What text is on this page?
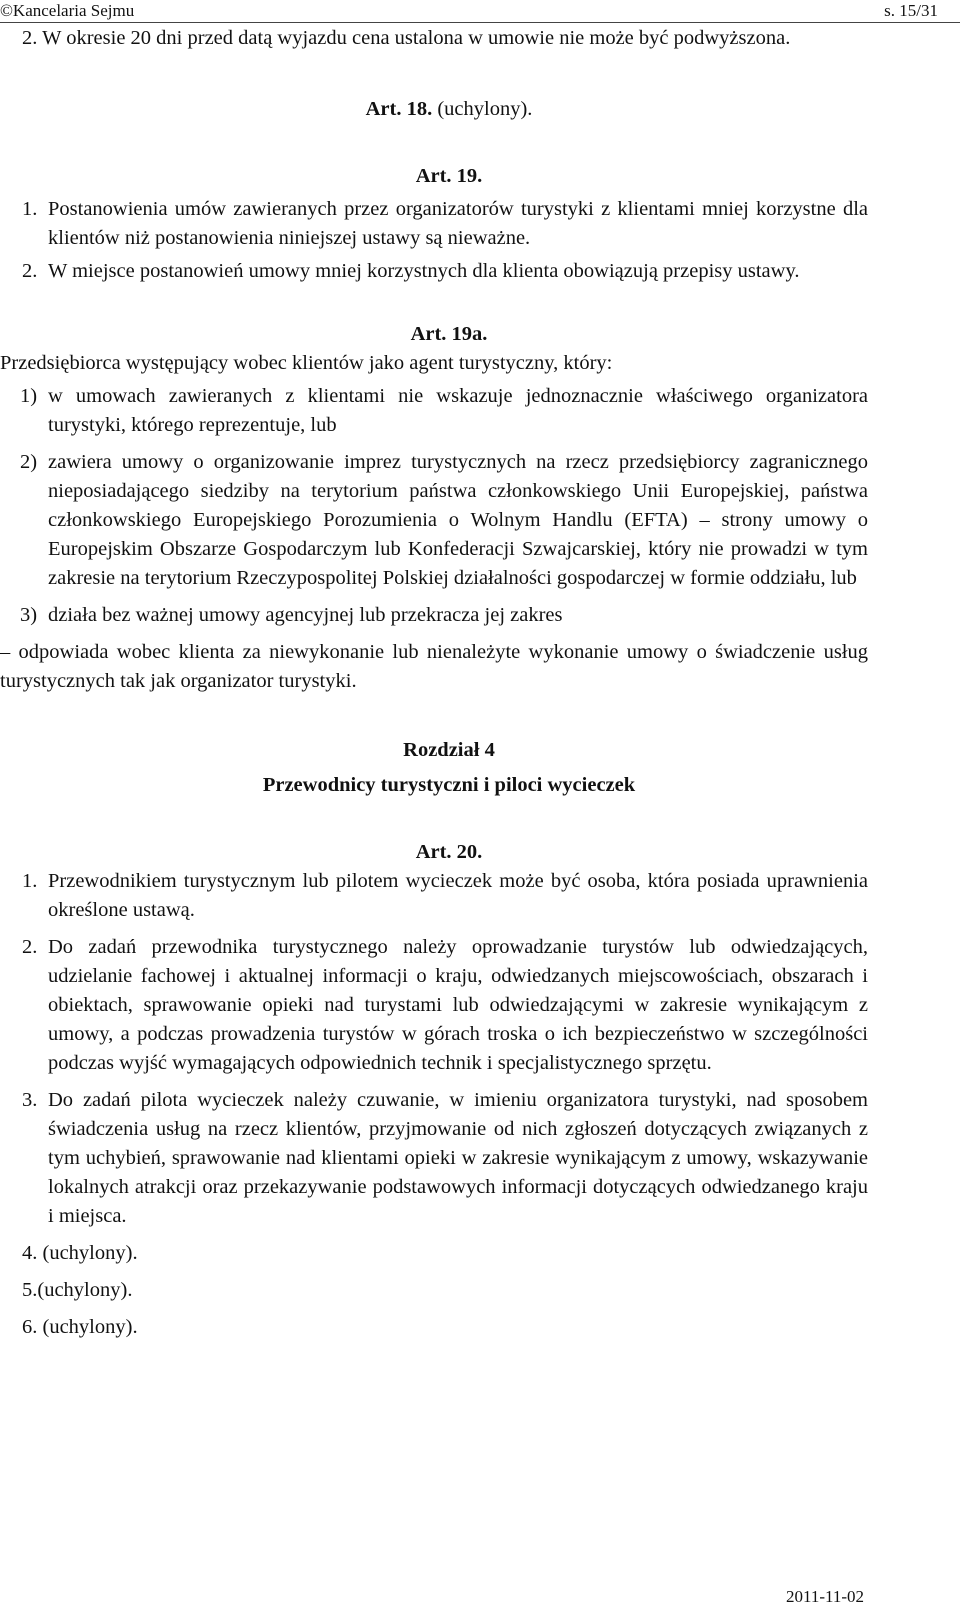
©Kancelaria Sejmu	s. 15/31

2. W okresie 20 dni przed datą wyjazdu cena ustalona w umowie nie może być podwyższona.

Art. 18. (uchylony).

Art. 19.

1. Postanowienia umów zawieranych przez organizatorów turystyki z klientami mniej korzystne dla klientów niż postanowienia niniejszej ustawy są nieważne.

2. W miejsce postanowień umowy mniej korzystnych dla klienta obowiązują przepisy ustawy.

Art. 19a.

Przedsiębiorca występujący wobec klientów jako agent turystyczny, który:

1) w umowach zawieranych z klientami nie wskazuje jednoznacznie właściwego organizatora turystyki, którego reprezentuje, lub

2) zawiera umowy o organizowanie imprez turystycznych na rzecz przedsiębiorcy zagranicznego nieposiadającego siedziby na terytorium państwa członkowskiego Unii Europejskiej, państwa członkowskiego Europejskiego Porozumienia o Wolnym Handlu (EFTA) – strony umowy o Europejskim Obszarze Gospodarczym lub Konfederacji Szwajcarskiej, który nie prowadzi w tym zakresie na terytorium Rzeczypospolitej Polskiej działalności gospodarczej w formie oddziału, lub

3) działa bez ważnej umowy agencyjnej lub przekracza jej zakres

– odpowiada wobec klienta za niewykonanie lub nienależyte wykonanie umowy o świadczenie usług turystycznych tak jak organizator turystyki.

Rozdział 4

Przewodnicy turystyczni i piloci wycieczek

Art. 20.

1. Przewodnikiem turystycznym lub pilotem wycieczek może być osoba, która posiada uprawnienia określone ustawą.

2. Do zadań przewodnika turystycznego należy oprowadzanie turystów lub odwiedzających, udzielanie fachowej i aktualnej informacji o kraju, odwiedzanych miejscowościach, obszarach i obiektach, sprawowanie opieki nad turystami lub odwiedzającymi w zakresie wynikającym z umowy, a podczas prowadzenia turystów w górach troska o ich bezpieczeństwo w szczególności podczas wyjść wymagających odpowiednich technik i specjalistycznego sprzętu.

3. Do zadań pilota wycieczek należy czuwanie, w imieniu organizatora turystyki, nad sposobem świadczenia usług na rzecz klientów, przyjmowanie od nich zgłoszeń dotyczących związanych z tym uchybień, sprawowanie nad klientami opieki w zakresie wynikającym z umowy, wskazywanie lokalnych atrakcji oraz przekazywanie podstawowych informacji dotyczących odwiedzanego kraju i miejsca.

4. (uchylony).

5.(uchylony).

6. (uchylony).

2011-11-02
